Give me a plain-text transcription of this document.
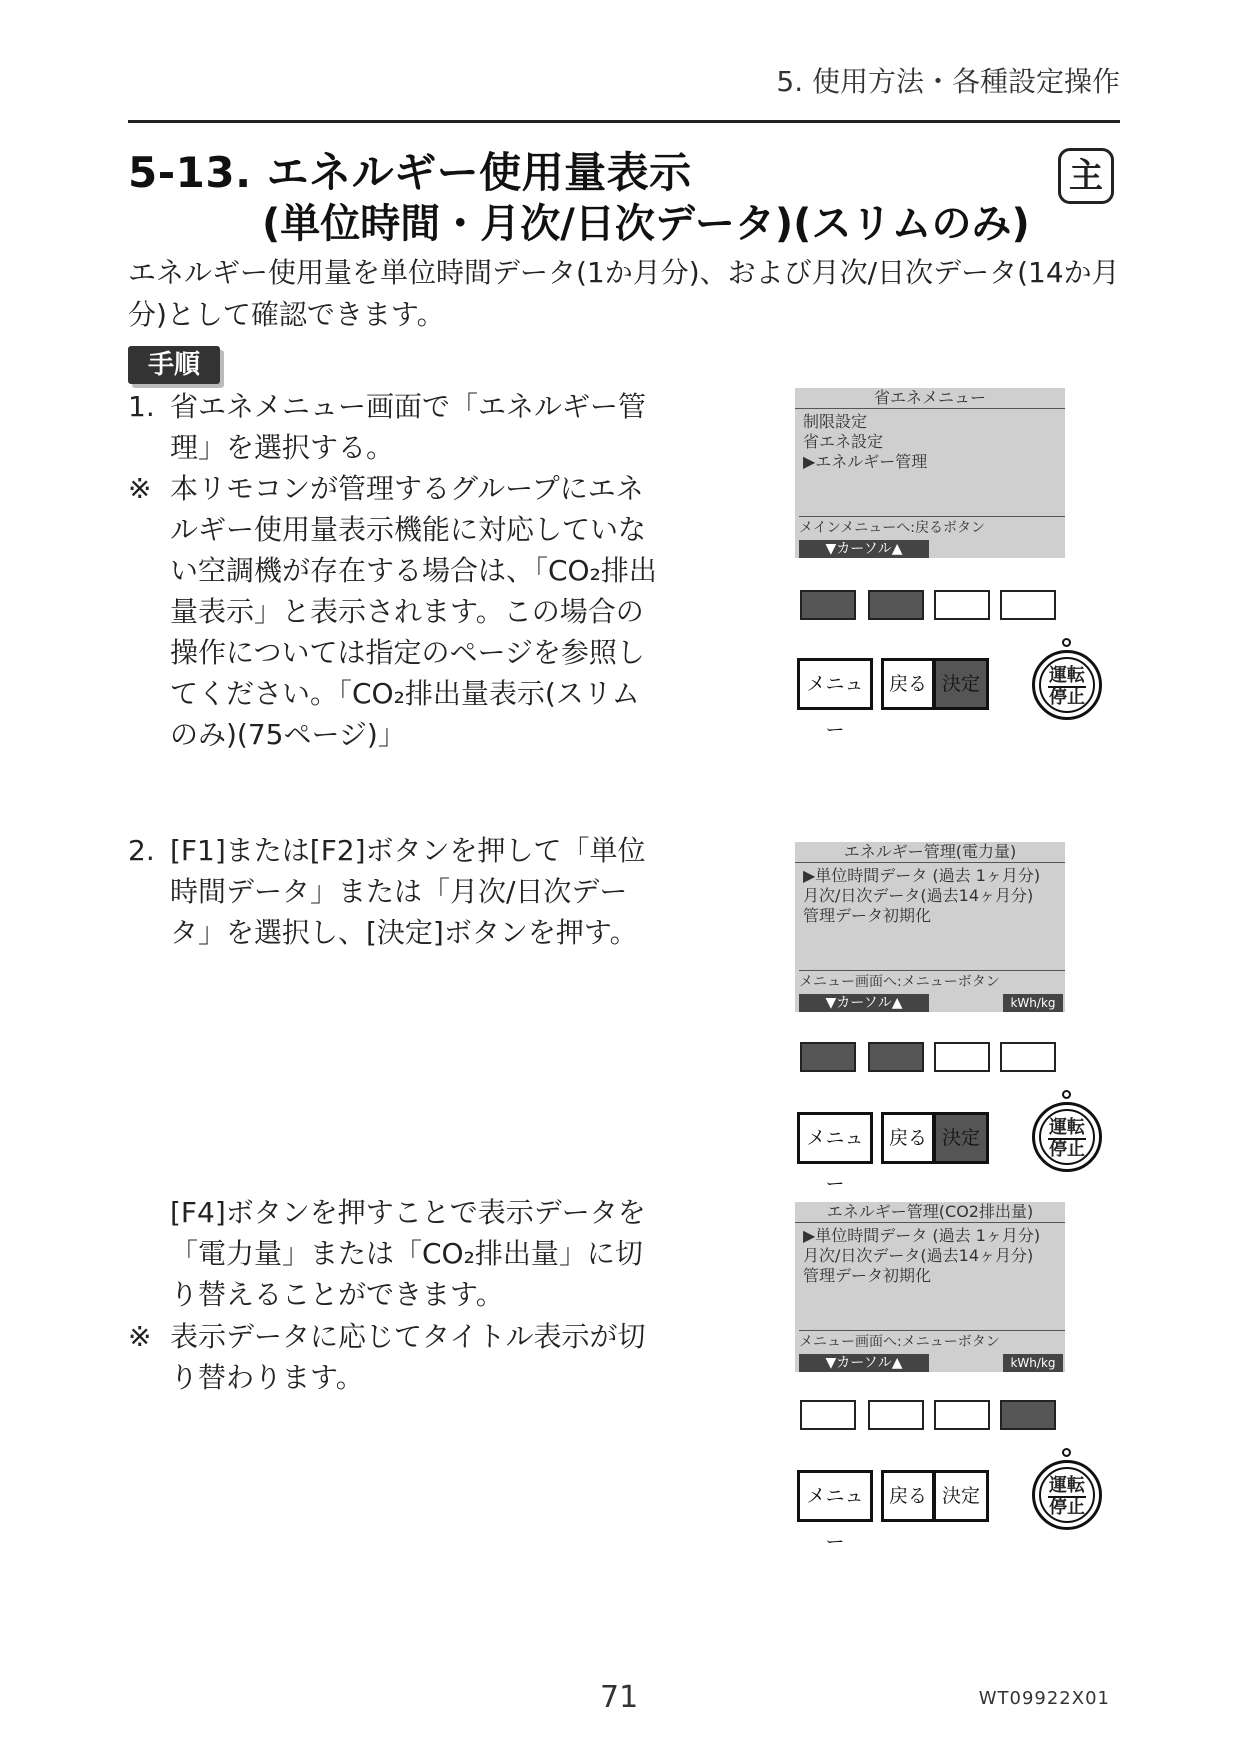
5. 使用方法・各種設定操作
5-13. エネルギー使用量表示
(単位時間・月次/日次データ)(スリムのみ)
主
エネルギー使用量を単位時間データ(1か月分)、および月次/日次データ(14か月分)として確認できます。
手順
1. 省エネメニュー画面で「エネルギー管理」を選択する。
※ 本リモコンが管理するグループにエネルギー使用量表示機能に対応していない空調機が存在する場合は、「CO₂排出量表示」と表示されます。この場合の操作については指定のページを参照してください。「CO₂排出量表示(スリムのみ)(75ページ)」
2. [F1]または[F2]ボタンを押して「単位時間データ」または「月次/日次データ」を選択し、[決定]ボタンを押す。
[F4]ボタンを押すことで表示データを「電力量」または「CO₂排出量」に切り替えることができます。
※ 表示データに応じてタイトル表示が切り替わります。
省エネメニュー
制限設定
省エネ設定
▶エネルギー管理
メインメニューへ:戻るボタン
▼カーソル▲
メニュー
戻る 決定	運転
停止
エネルギー管理(電力量)
▶単位時間データ (過去 1ヶ月分)
月次/日次データ(過去14ヶ月分)
管理データ初期化
メニュー画面へ:メニューボタン
▼カーソル▲	kWh/kg
メニュー
戻る 決定	運転
停止
エネルギー管理(CO2排出量)
▶単位時間データ (過去 1ヶ月分)
月次/日次データ(過去14ヶ月分)
管理データ初期化
メニュー画面へ:メニューボタン
▼カーソル▲	kWh/kg
メニュー
戻る 決定	運転
停止
71	WT09922X01
